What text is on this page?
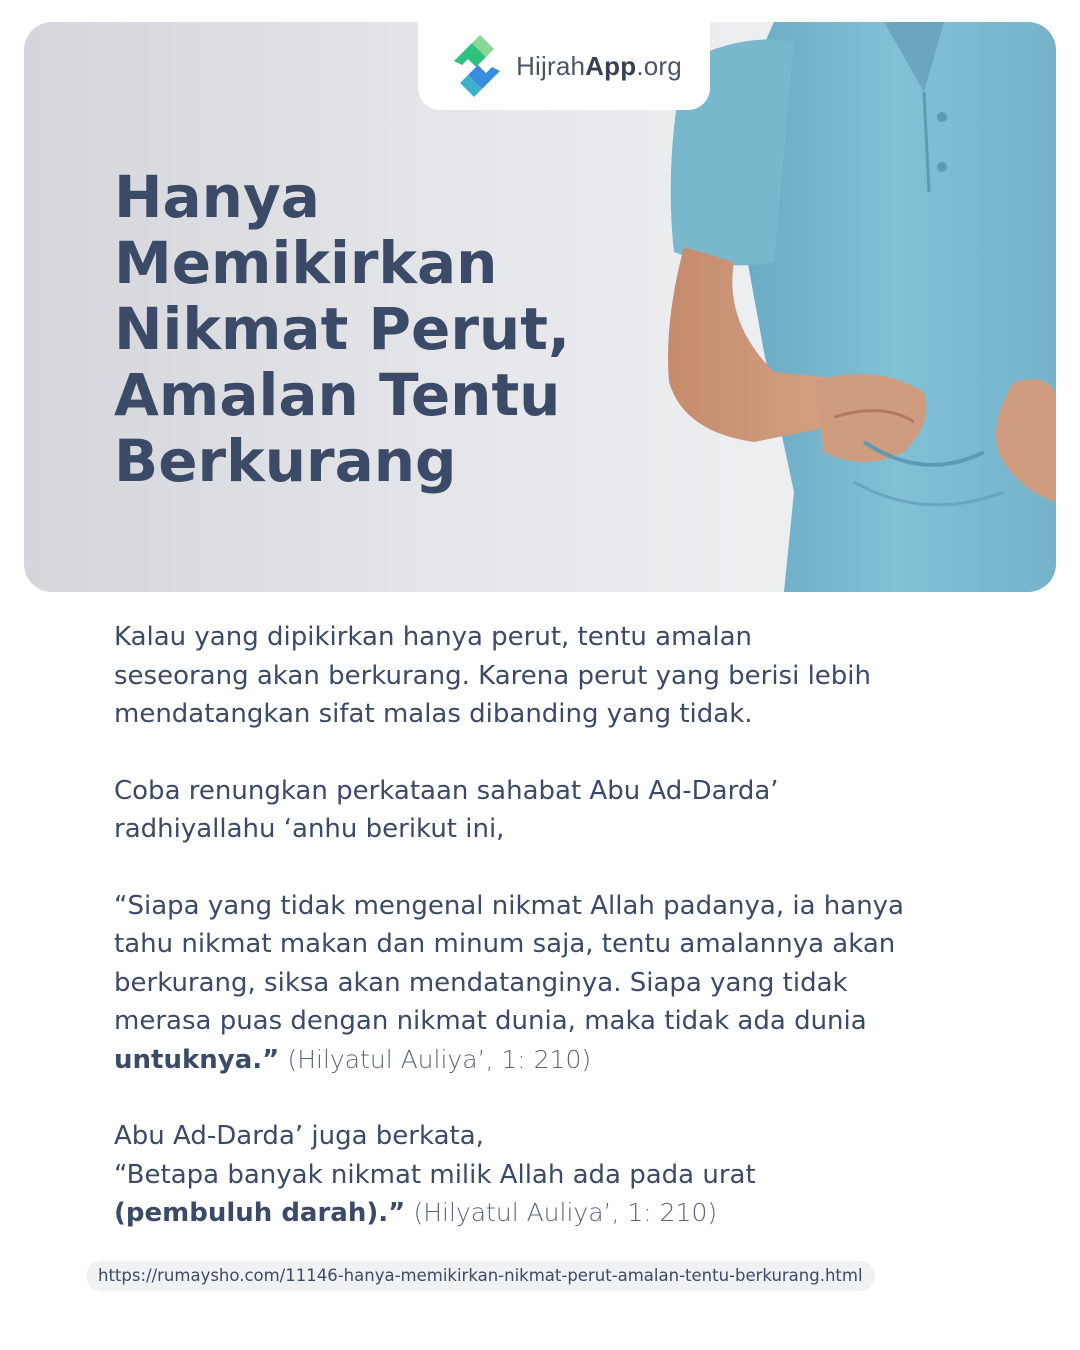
HijrahApp.org
Hanya
Memikirkan
Nikmat Perut,
Amalan Tentu
Berkurang

Kalau yang dipikirkan hanya perut, tentu amalan
seseorang akan berkurang. Karena perut yang berisi lebih
mendatangkan sifat malas dibanding yang tidak.

Coba renungkan perkataan sahabat Abu Ad-Darda’
radhiyallahu ‘anhu berikut ini,

“Siapa yang tidak mengenal nikmat Allah padanya, ia hanya
tahu nikmat makan dan minum saja, tentu amalannya akan
berkurang, siksa akan mendatanginya. Siapa yang tidak
merasa puas dengan nikmat dunia, maka tidak ada dunia
untuknya.” (Hilyatul Auliya’, 1: 210)

Abu Ad-Darda’ juga berkata,
“Betapa banyak nikmat milik Allah ada pada urat
(pembuluh darah).” (Hilyatul Auliya’, 1: 210)

https://rumaysho.com/11146-hanya-memikirkan-nikmat-perut-amalan-tentu-berkurang.html
